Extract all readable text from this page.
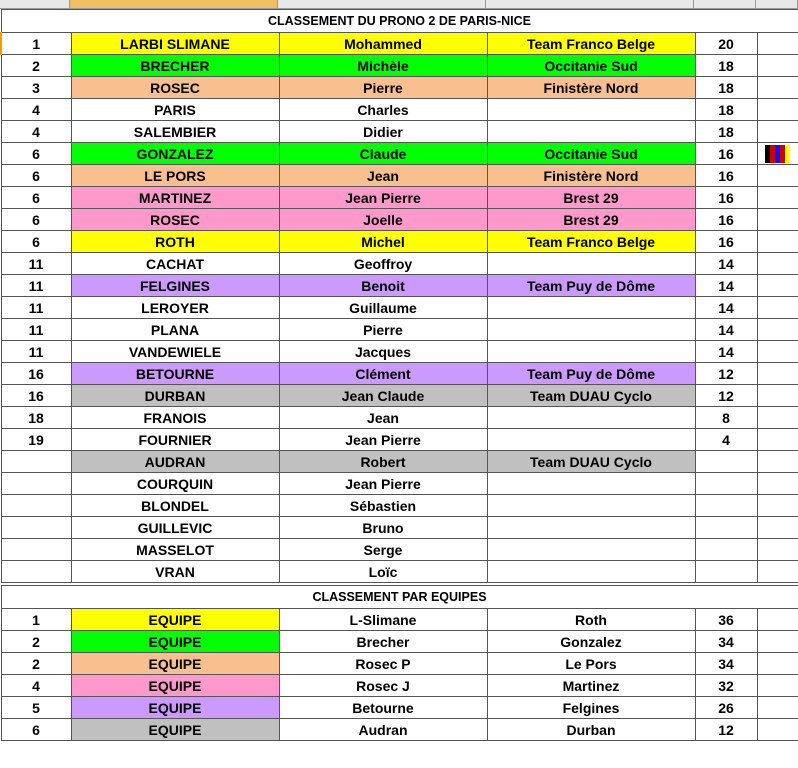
CLASSEMENT DU PRONO 2 DE PARIS-NICE					
1	LARBI SLIMANE	Mohammed	Team Franco Belge	20	
2	BRECHER	Michèle	Occitanie Sud	18	
3	ROSEC	Pierre	Finistère Nord	18	
4	PARIS	Charles		18	
4	SALEMBIER	Didier		18	
6	GONZALEZ	Claude	Occitanie Sud	16	
6	LE PORS	Jean	Finistère Nord	16	
6	MARTINEZ	Jean Pierre	Brest 29	16	
6	ROSEC	Joelle	Brest 29	16	
6	ROTH	Michel	Team Franco Belge	16	
11	CACHAT	Geoffroy		14	
11	FELGINES	Benoit	Team Puy de Dôme	14	
11	LEROYER	Guillaume		14	
11	PLANA	Pierre		14	
11	VANDEWIELE	Jacques		14	
16	BETOURNE	Clément	Team Puy de Dôme	12	
16	DURBAN	Jean Claude	Team DUAU Cyclo	12	
18	FRANOIS	Jean		8	
19	FOURNIER	Jean Pierre		4	
	AUDRAN	Robert	Team DUAU Cyclo		
	COURQUIN	Jean Pierre			
	BLONDEL	Sébastien			
	GUILLEVIC	Bruno			
	MASSELOT	Serge			
	VRAN	Loïc			

CLASSEMENT PAR EQUIPES					
1	EQUIPE	L-Slimane	Roth	36	
2	EQUIPE	Brecher	Gonzalez	34	
2	EQUIPE	Rosec P	Le Pors	34	
4	EQUIPE	Rosec J	Martinez	32	
5	EQUIPE	Betourne	Felgines	26	
6	EQUIPE	Audran	Durban	12	
